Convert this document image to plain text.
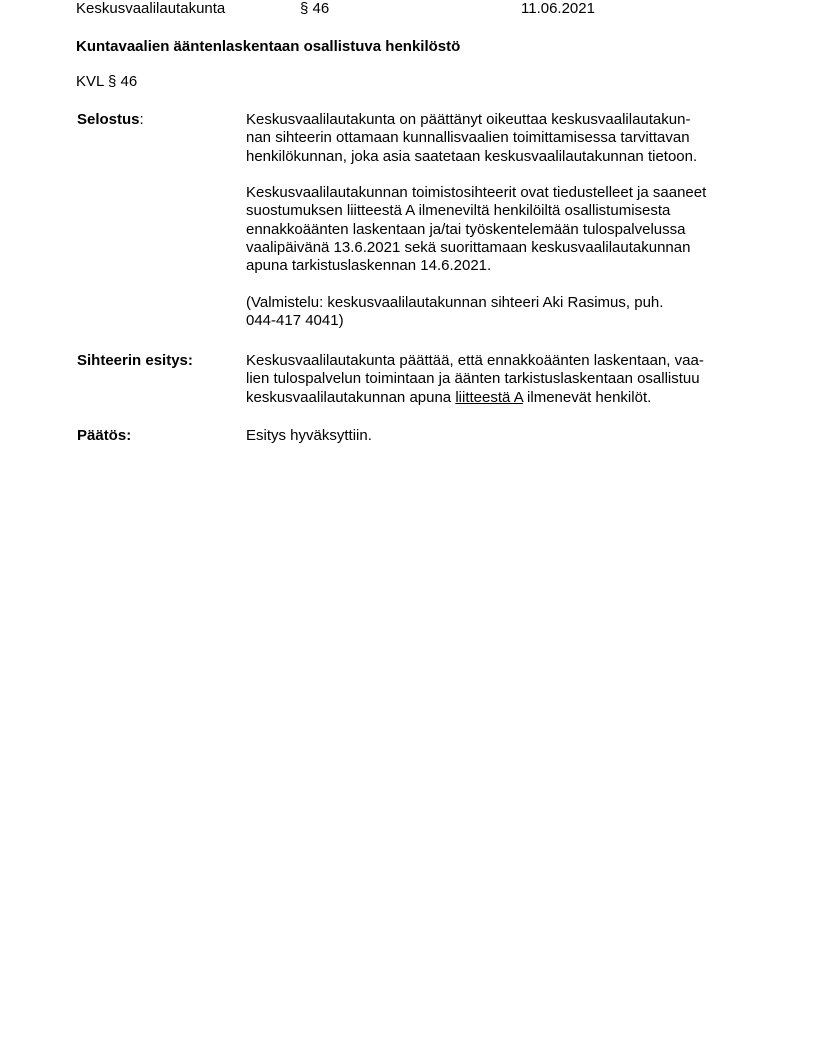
Keskusvaalilautakunta	§ 46	11.06.2021
Kuntavaalien ääntenlaskentaan osallistuva henkilöstö
KVL § 46
Selostus:	Keskusvaalilautakunta on päättänyt oikeuttaa keskusvaalilautakun-
nan sihteerin ottamaan kunnallisvaalien toimittamisessa tarvittavan
henkilökunnan, joka asia saatetaan keskusvaalilautakunnan tietoon.
Keskusvaalilautakunnan toimistosihteerit ovat tiedustelleet ja saaneet
suostumuksen liitteestä A ilmeneviltä henkilöiltä osallistumisesta
ennakkoäänten laskentaan ja/tai työskentelemään tulospalvelussa
vaalipäivänä 13.6.2021 sekä suorittamaan keskusvaalilautakunnan
apuna tarkistuslaskennan 14.6.2021.
(Valmistelu: keskusvaalilautakunnan sihteeri Aki Rasimus, puh.
044-417 4041)
Sihteerin esitys:	Keskusvaalilautakunta päättää, että ennakkoäänten laskentaan, vaa-
lien tulospalvelun toimintaan ja äänten tarkistuslaskentaan osallistuu
keskusvaalilautakunnan apuna liitteestä A ilmenevät henkilöt.
Päätös:	Esitys hyväksyttiin.
